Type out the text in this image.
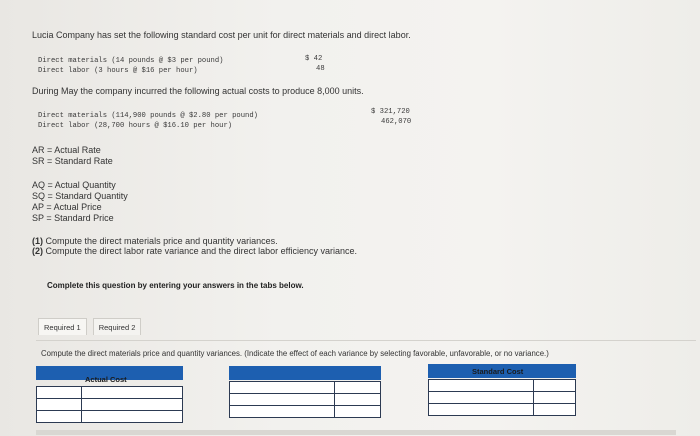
Lucia Company has set the following standard cost per unit for direct materials and direct labor.
Direct materials (14 pounds @ $3 per pound)	$ 42
Direct labor (3 hours @ $16 per hour)	48
During May the company incurred the following actual costs to produce 8,000 units.
Direct materials (114,900 pounds @ $2.80 per pound)	$ 321,720
Direct labor (28,700 hours @ $16.10 per hour)	462,070
AR = Actual Rate
SR = Standard Rate
AQ = Actual Quantity
SQ = Standard Quantity
AP = Actual Price
SP = Standard Price
(1) Compute the direct materials price and quantity variances.
(2) Compute the direct labor rate variance and the direct labor efficiency variance.
Complete this question by entering your answers in the tabs below.
Required 1	Required 2
Compute the direct materials price and quantity variances. (Indicate the effect of each variance by selecting favorable, unfavorable, or no variance.)
Actual Cost

Standard Cost
